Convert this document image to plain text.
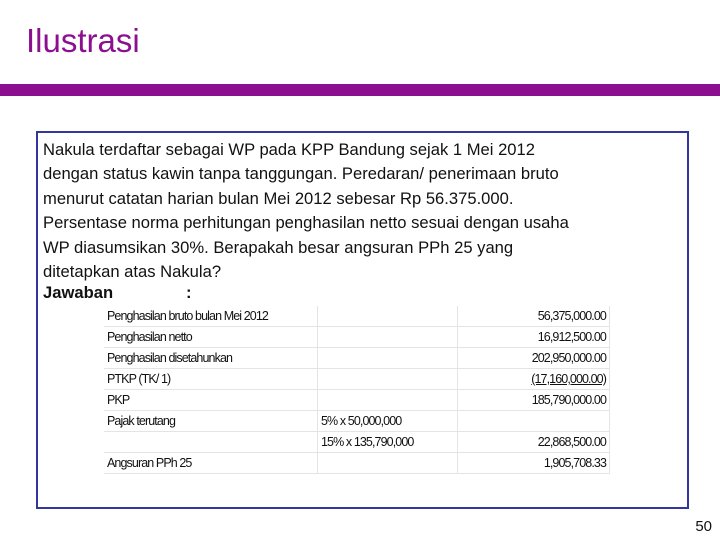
Ilustrasi

Nakula terdaftar sebagai WP pada KPP Bandung sejak 1 Mei 2012

dengan status kawin tanpa tanggungan. Peredaran/ penerimaan bruto

menurut catatan harian bulan Mei 2012 sebesar Rp 56.375.000.

Persentase norma perhitungan penghasilan netto sesuai dengan usaha

WP diasumsikan 30%. Berapakah besar angsuran PPh 25 yang

ditetapkan atas Nakula?

Jawaban	:
Penghasilan bruto bulan Mei 2012		56,375,000.00
Penghasilan netto		16,912,500.00
Penghasilan disetahunkan		202,950,000.00
PTKP (TK/ 1)		(17,160,000.00)
PKP		185,790,000.00
Pajak terutang	5% x 50,000,000	
	15% x 135,790,000	22,868,500.00
Angsuran PPh 25		1,905,708.33
50
